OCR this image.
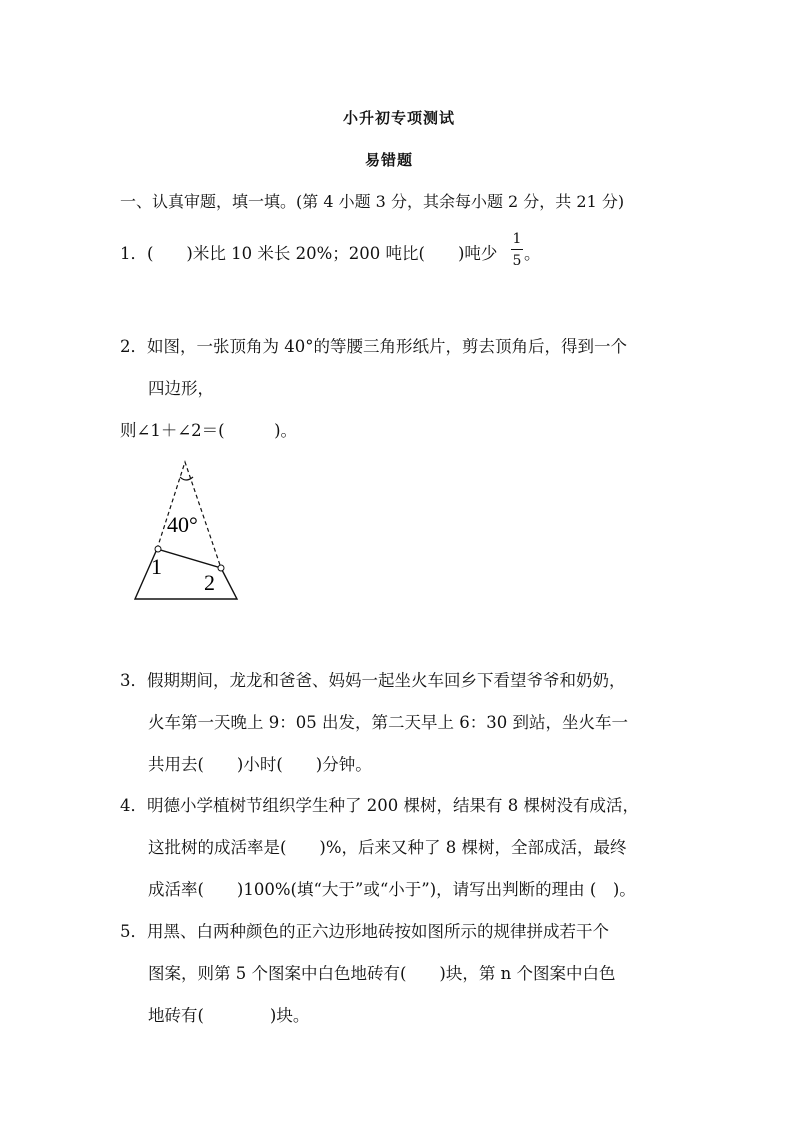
小升初专项测试
易错题
一、认真审题，填一填。(第 4 小题 3 分，其余每小题 2 分，共 21 分)
1．(　　)米比 10 米长 20%；200 吨比(　　)吨少
1
5 。
2．如图，一张顶角为 40°的等腰三角形纸片，剪去顶角后，得到一个
四边形，
则∠1＋∠2＝(　　　)。
40°
1
2
3．假期期间，龙龙和爸爸、妈妈一起坐火车回乡下看望爷爷和奶奶，
火车第一天晚上 9：05 出发，第二天早上 6：30 到站，坐火车一
共用去(　　)小时(　　)分钟。
4．明德小学植树节组织学生种了 200 棵树，结果有 8 棵树没有成活，
这批树的成活率是(　　)%，后来又种了 8 棵树，全部成活，最终
成活率(　　)100%(填“大于”或“小于”)，请写出判断的理由 (　)。
5．用黑、白两种颜色的正六边形地砖按如图所示的规律拼成若干个
图案，则第 5 个图案中白色地砖有(　　)块，第 n 个图案中白色
地砖有(　　　　)块。
